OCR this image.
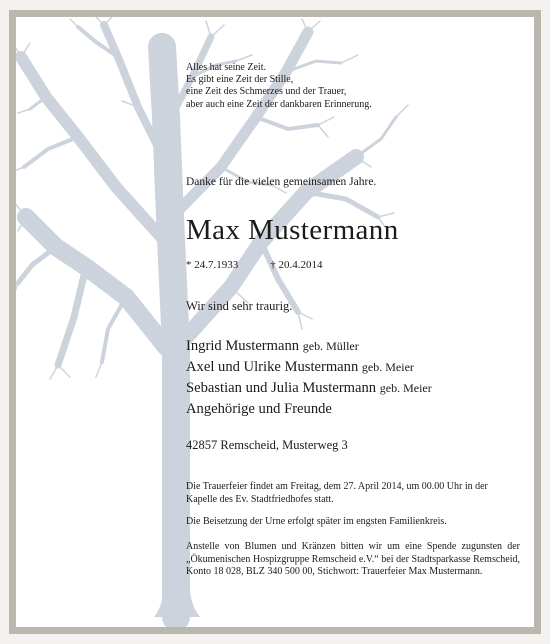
Alles hat seine Zeit.
Es gibt eine Zeit der Stille,
eine Zeit des Schmerzes und der Trauer,
aber auch eine Zeit der dankbaren Erinnerung.
Danke für die vielen gemeinsamen Jahre.
Max Mustermann
* 24.7.1933	† 20.4.2014
Wir sind sehr traurig.
Ingrid Mustermann geb. Müller
Axel und Ulrike Mustermann geb. Meier
Sebastian und Julia Mustermann geb. Meier
Angehörige und Freunde
42857 Remscheid, Musterweg 3
Die Trauerfeier findet am Freitag, dem 27. April 2014, um 00.00 Uhr in der Kapelle des Ev. Stadtfriedhofes statt.
Die Beisetzung der Urne erfolgt später im engsten Familienkreis.
Anstelle von Blumen und Kränzen bitten wir um eine Spende zugunsten der „Ökumenischen Hospizgruppe Remscheid e.V.“ bei der Stadtsparkasse Remscheid, Konto 18 028, BLZ 340 500 00, Stichwort: Trauerfeier Max Mustermann.
